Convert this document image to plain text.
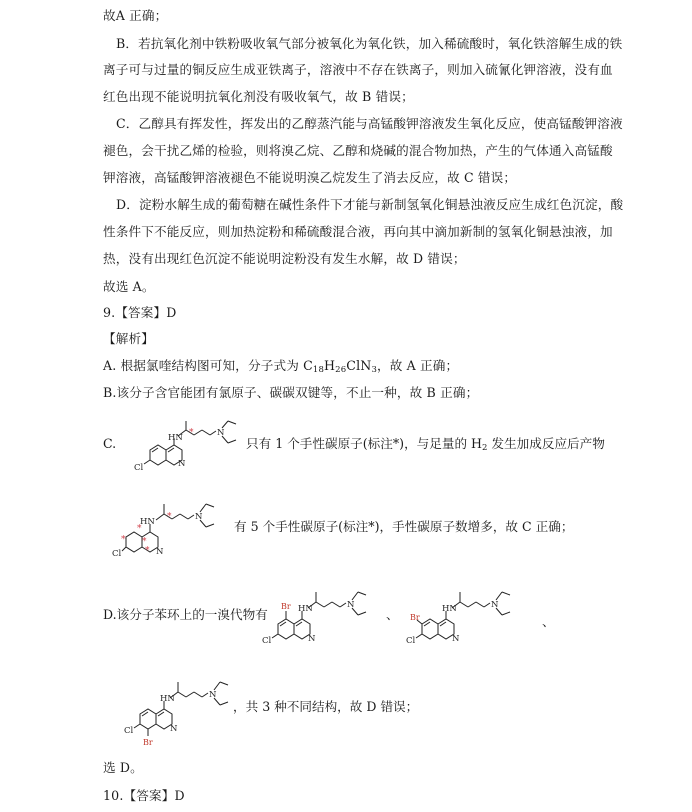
故A 正确；
B．若抗氧化剂中铁粉吸收氧气部分被氧化为氧化铁，加入稀硫酸时，氧化铁溶解生成的铁
离子可与过量的铜反应生成亚铁离子，溶液中不存在铁离子，则加入硫氰化钾溶液，没有血
红色出现不能说明抗氧化剂没有吸收氧气，故 B 错误；
C．乙醇具有挥发性，挥发出的乙醇蒸汽能与高锰酸钾溶液发生氧化反应，使高锰酸钾溶液
褪色，会干扰乙烯的检验，则将溴乙烷、乙醇和烧碱的混合物加热，产生的气体通入高锰酸
钾溶液，高锰酸钾溶液褪色不能说明溴乙烷发生了消去反应，故 C 错误；
D．淀粉水解生成的葡萄糖在碱性条件下才能与新制氢氧化铜悬浊液反应生成红色沉淀，酸
性条件下不能反应，则加热淀粉和稀硫酸混合液，再向其中滴加新制的氢氧化铜悬浊液，加
热，没有出现红色沉淀不能说明淀粉没有发生水解，故 D 错误；
故选 A。
9.【答案】D
【解析】
A. 根据氯喹结构图可知，分子式为 $C_{18}H_{26}ClN_3$，故 A 正确；
B.该分子含官能团有氯原子、碳碳双键等，不止一种，故 B 正确；
C.	HN	N
N
Cl
*
只有 1 个手性碳原子(标注*)，与足量的 $H_2$ 发生加成反应后产物
HN	N
N
Cl
*
*
* *
*
有 5 个手性碳原子(标注*)，手性碳原子数增多，故 C 正确；
D.该分子苯环上的一溴代物有
Br HN	N
N
Cl
、 Br
HN	N
N
Cl
、
HN	N
N
Cl
Br
，共 3 种不同结构，故 D 错误；
选 D。
10.【答案】D
